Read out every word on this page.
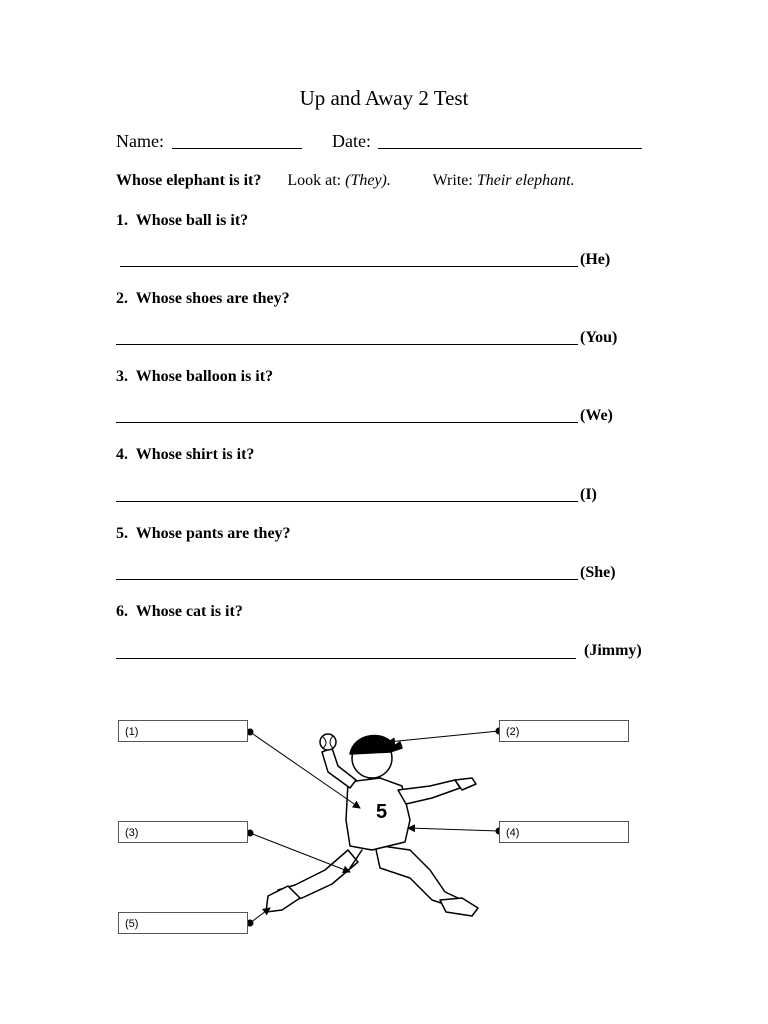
Up and Away 2 Test
Name:	Date:
Whose elephant is it? Look at: (They).	Write: Their elephant.
1. Whose ball is it?
(He)
2. Whose shoes are they?
(You)
3. Whose balloon is it?
(We)
4. Whose shirt is it?
(I)
5. Whose pants are they?
(She)
6. Whose cat is it?
(Jimmy)
5
(1)	(2)
(3)	(4)
(5)
